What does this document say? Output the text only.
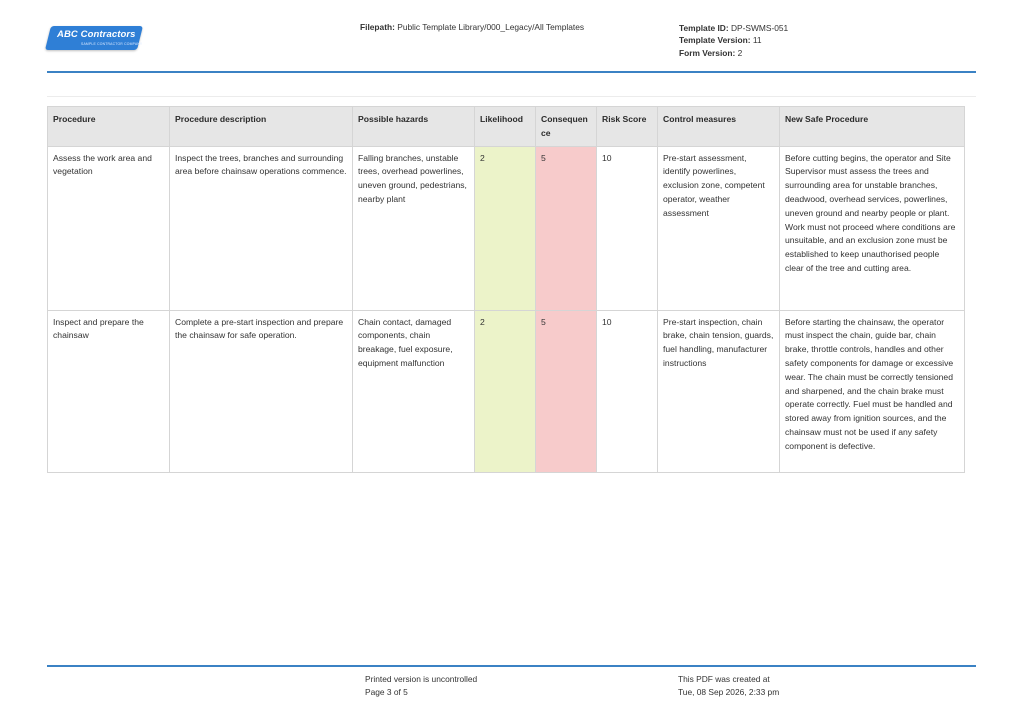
ABC Contractors
SAMPLE CONTRACTOR COMPANY
Filepath: Public Template Library/000_Legacy/All Templates	Template ID: DP-SWMS-051
Template Version: 11
Form Version: 2
Procedure	Procedure description	Possible hazards	Likelihood	Consequen ce	Risk Score	Control measures	New Safe Procedure
Assess the work area and vegetation	Inspect the trees, branches and surrounding area before chainsaw operations commence.	Falling branches, unstable trees, overhead powerlines, uneven ground, pedestrians, nearby plant	2	5	10	Pre-start assessment, identify powerlines, exclusion zone, competent operator, weather assessment	Before cutting begins, the operator and Site Supervisor must assess the trees and surrounding area for unstable branches, deadwood, overhead services, powerlines, uneven ground and nearby people or plant. Work must not proceed where conditions are unsuitable, and an exclusion zone must be established to keep unauthorised people clear of the tree and cutting area.
Inspect and prepare the chainsaw	Complete a pre-start inspection and prepare the chainsaw for safe operation.	Chain contact, damaged components, chain breakage, fuel exposure, equipment malfunction	2	5	10	Pre-start inspection, chain brake, chain tension, guards, fuel handling, manufacturer instructions	Before starting the chainsaw, the operator must inspect the chain, guide bar, chain brake, throttle controls, handles and other safety components for damage or excessive wear. The chain must be correctly tensioned and sharpened, and the chain brake must operate correctly. Fuel must be handled and stored away from ignition sources, and the chainsaw must not be used if any safety component is defective.
Printed version is uncontrolled
Page 3 of 5
This PDF was created at
Tue, 08 Sep 2026, 2:33 pm
